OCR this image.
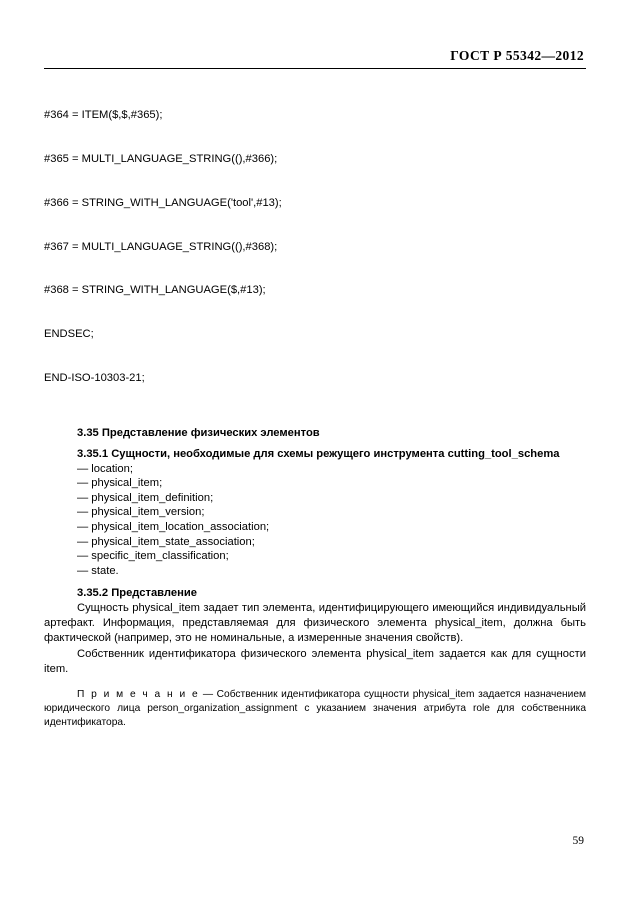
ГОСТ Р 55342—2012

#364 = ITEM($,$,#365);

#365 = MULTI_LANGUAGE_STRING((),#366);

#366 = STRING_WITH_LANGUAGE('tool',#13);

#367 = MULTI_LANGUAGE_STRING((),#368);

#368 = STRING_WITH_LANGUAGE($,#13);

ENDSEC;

END-ISO-10303-21;

3.35 Представление физических элементов
3.35.1 Сущности, необходимые для схемы режущего инструмента cutting_tool_schema
— location;
— physical_item;
— physical_item_definition;
— physical_item_version;
— physical_item_location_association;
— physical_item_state_association;
— specific_item_classification;
— state.
3.35.2 Представление

Сущность physical_item задает тип элемента, идентифицирующего имеющийся индивидуальный артефакт. Информация, представляемая для физического элемента physical_item, должна быть фактической (например, это не номинальные, а измеренные значения свойств).

Собственник идентификатора физического элемента physical_item задается как для сущности item.

П р и м е ч а н и е — Собственник идентификатора сущности physical_item задается назначением юридического лица person_organization_assignment с указанием значения атрибута role для собственника идентификатора.

59
